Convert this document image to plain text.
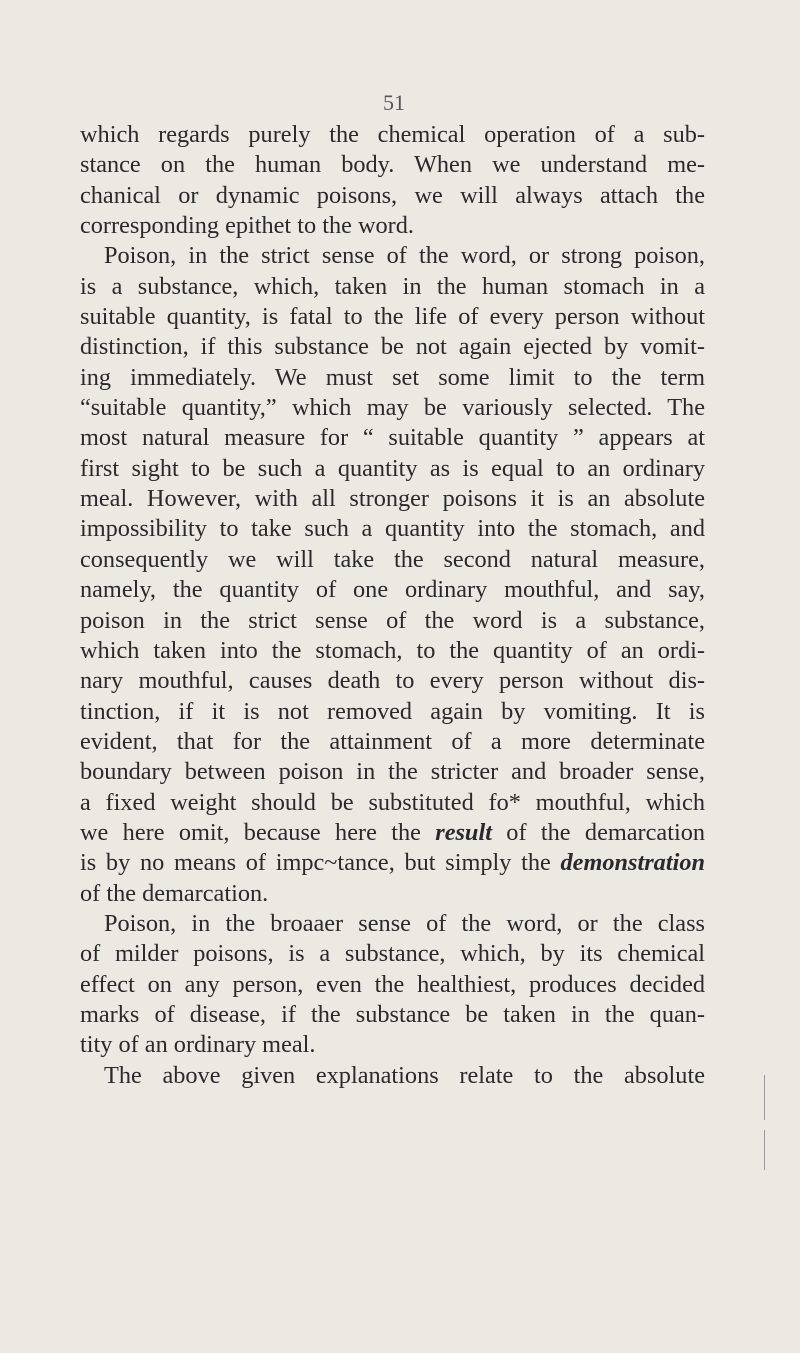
51
which regards purely the chemical operation of a sub-
stance on the human body. When we understand me-
chanical or dynamic poisons, we will always attach the
corresponding epithet to the word.
Poison, in the strict sense of the word, or strong poison,
is a substance, which, taken in the human stomach in a
suitable quantity, is fatal to the life of every person without
distinction, if this substance be not again ejected by vomit-
ing immediately. We must set some limit to the term
“suitable quantity,” which may be variously selected. The
most natural measure for “ suitable quantity ” appears at
first sight to be such a quantity as is equal to an ordinary
meal. However, with all stronger poisons it is an absolute
impossibility to take such a quantity into the stomach, and
consequently we will take the second natural measure,
namely, the quantity of one ordinary mouthful, and say,
poison in the strict sense of the word is a substance,
which taken into the stomach, to the quantity of an ordi-
nary mouthful, causes death to every person without dis-
tinction, if it is not removed again by vomiting. It is
evident, that for the attainment of a more determinate
boundary between poison in the stricter and broader sense,
a fixed weight should be substituted fo* mouthful, which
we here omit, because here the result of the demarcation
is by no means of impc~tance, but simply the demonstration
of the demarcation.
Poison, in the broaaer sense of the word, or the class
of milder poisons, is a substance, which, by its chemical
effect on any person, even the healthiest, produces decided
marks of disease, if the substance be taken in the quan-
tity of an ordinary meal.
The above given explanations relate to the absolute
